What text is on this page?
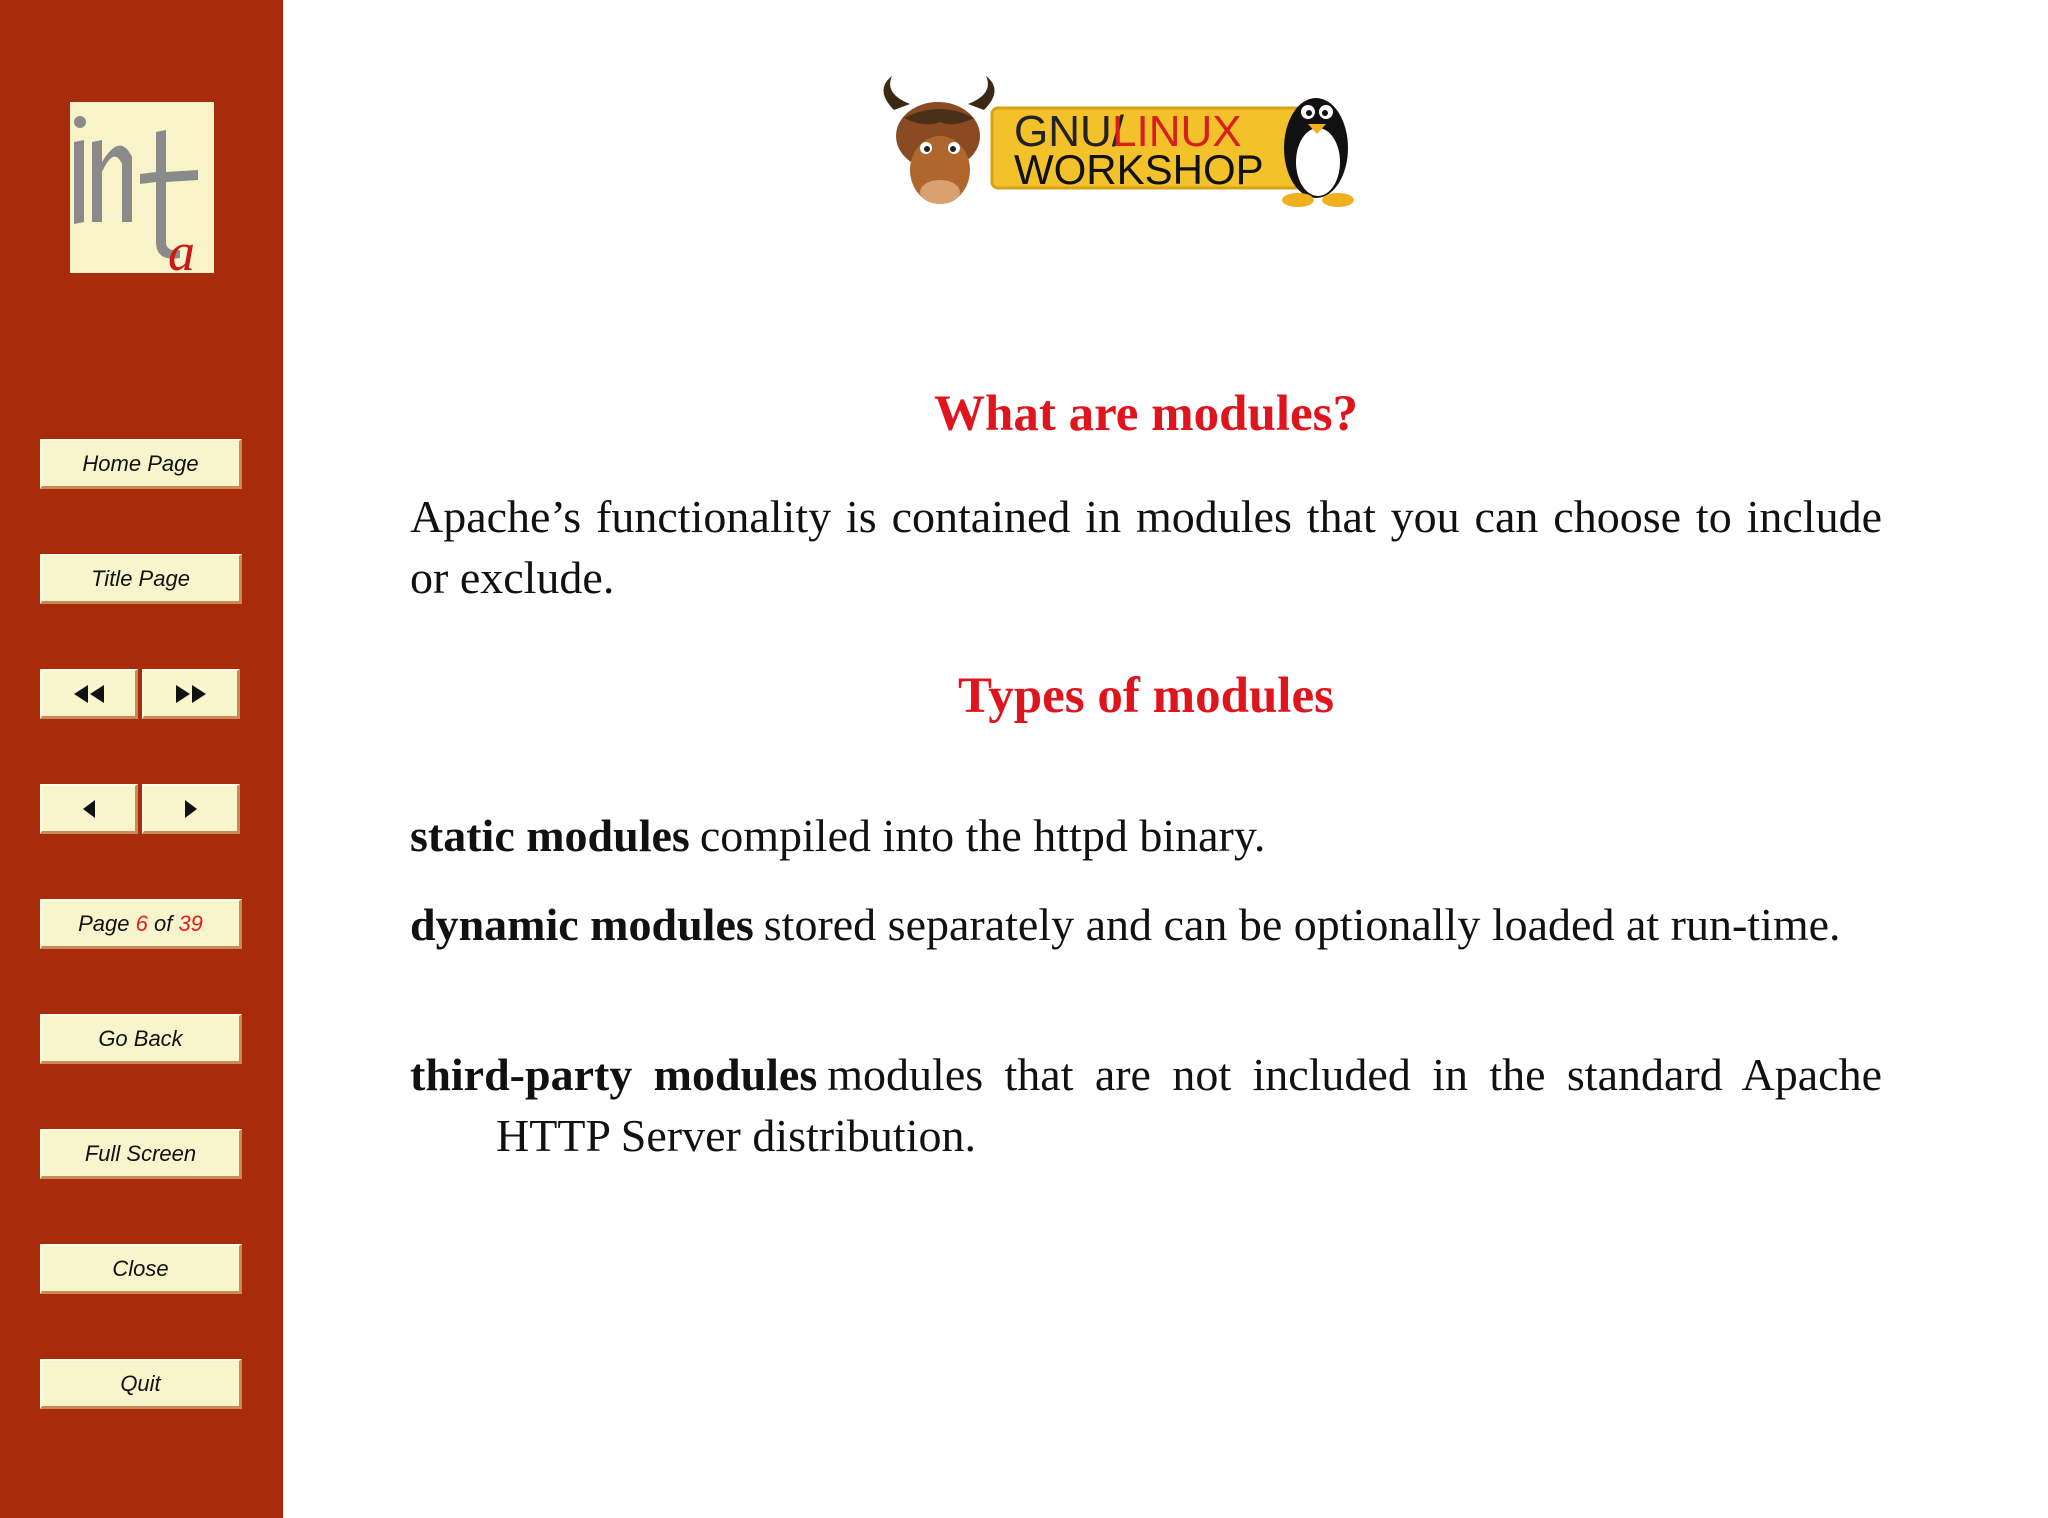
a
Home Page
Title Page
Page
6
of
39
Go Back
Full Screen
Close
Quit
GNU/
LINUX
WORKSHOP
What are modules?

Apache’s functionality is contained in modules that you can choose to include or exclude.

Types of modules

static modules compiled into the httpd binary.

dynamic modules stored separately and can be optionally loaded at run-time.

third-party modules modules that are not included in the standard Apache HTTP Server distribution.
